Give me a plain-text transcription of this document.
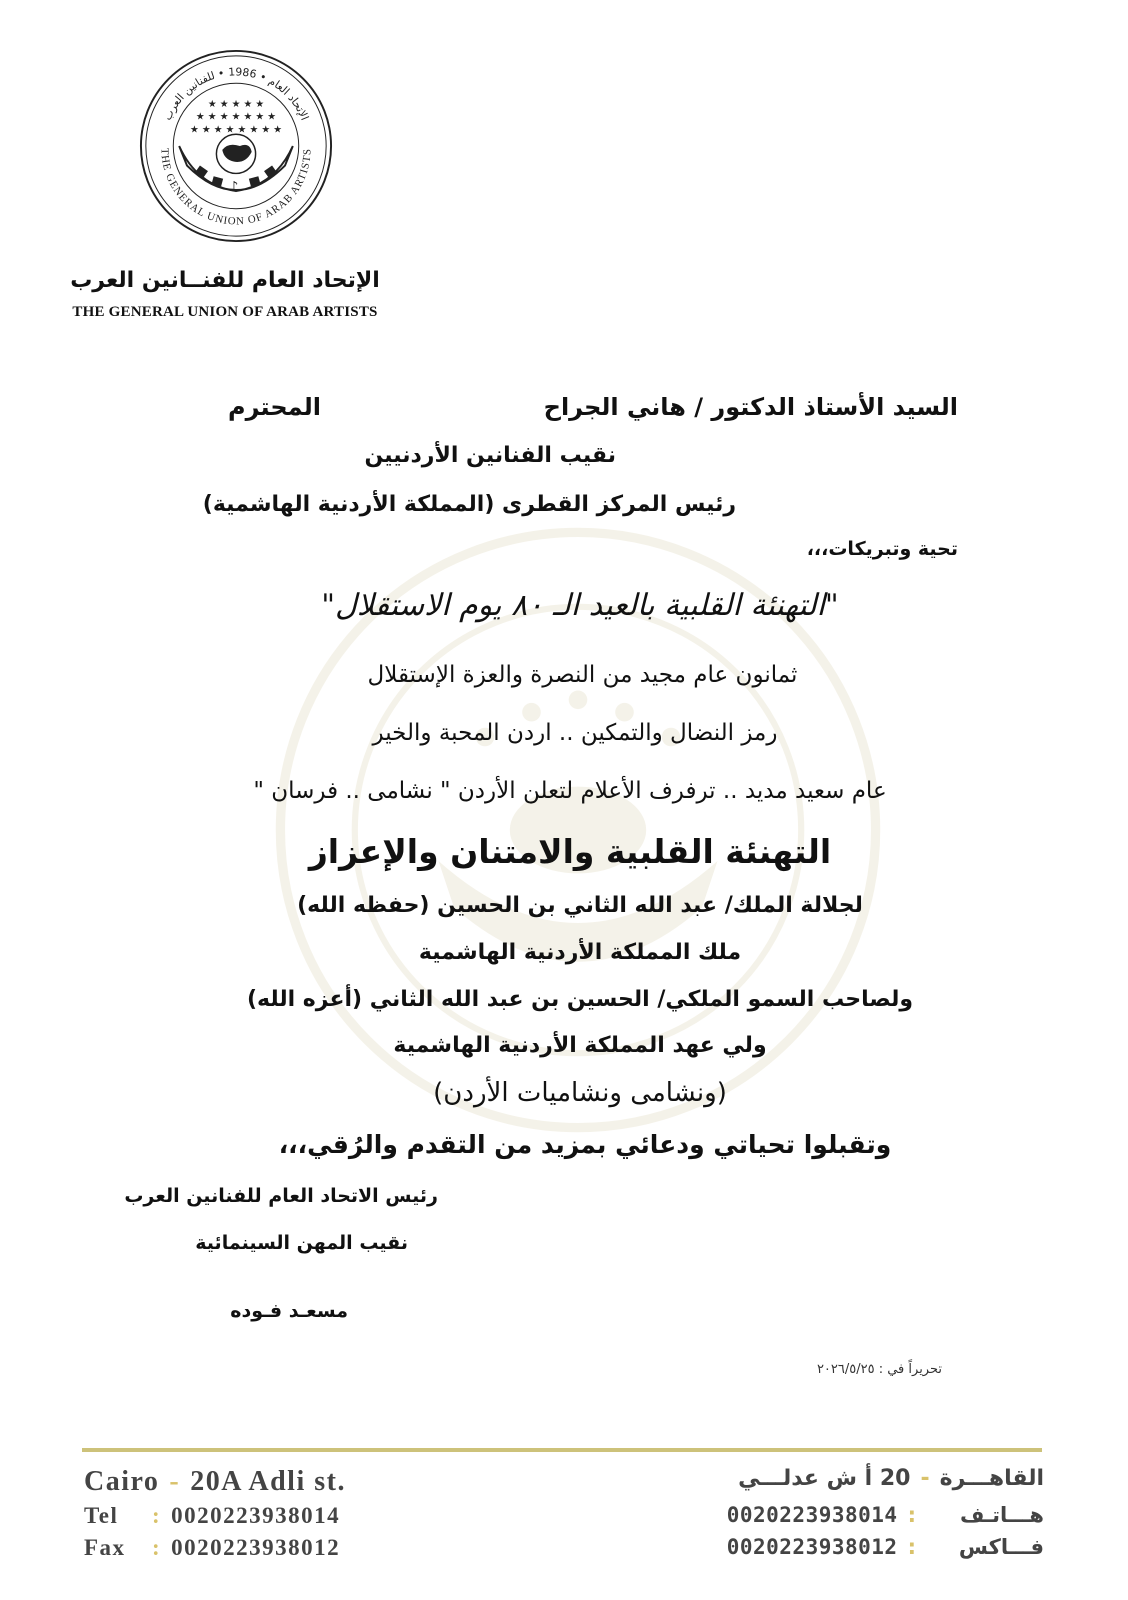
الإتحاد العام • 1986 • للفنانين العرب
THE GENERAL UNION OF ARAB ARTISTS
★ ★ ★ ★ ★
★ ★ ★ ★ ★ ★ ★
★ ★ ★ ★ ★ ★ ★ ★
♪
الإتحاد العام للفنــانين العرب
THE GENERAL UNION OF ARAB ARTISTS
السيد الأستاذ الدكتور / هاني الجراح
المحترم
نقيب الفنانين الأردنيين
رئيس المركز القطرى (المملكة الأردنية الهاشمية)
تحية وتبريكات،،،
"التهنئة القلبية بالعيد الـ ٨٠ يوم الاستقلال"
ثمانون عام مجيد من النصرة والعزة الإستقلال
رمز النضال والتمكين .. اردن المحبة والخير
عام سعيد مديد .. ترفرف الأعلام لتعلن الأردن " نشامى .. فرسان "
التهنئة القلبية والامتنان والإعزاز
لجلالة الملك/ عبد الله الثاني بن الحسين (حفظه الله)
ملك المملكة الأردنية الهاشمية
ولصاحب السمو الملكي/ الحسين بن عبد الله الثاني (أعزه الله)
ولي عهد المملكة الأردنية الهاشمية
(ونشامى ونشاميات الأردن)
وتقبلوا تحياتي ودعائي بمزيد من التقدم والرُقي،،،
رئيس الاتحاد العام للفنانين العرب
نقيب المهن السينمائية
مسعـد فـوده
تحريراً في : ٢٠٢٦/٥/٢٥
Cairo - 20A Adli st.
Tel : 0020223938014
Fax : 0020223938012
القاهـــرة-20 أ ش عدلـــي
هـــاتـف:0020223938014
فـــاكس:0020223938012
